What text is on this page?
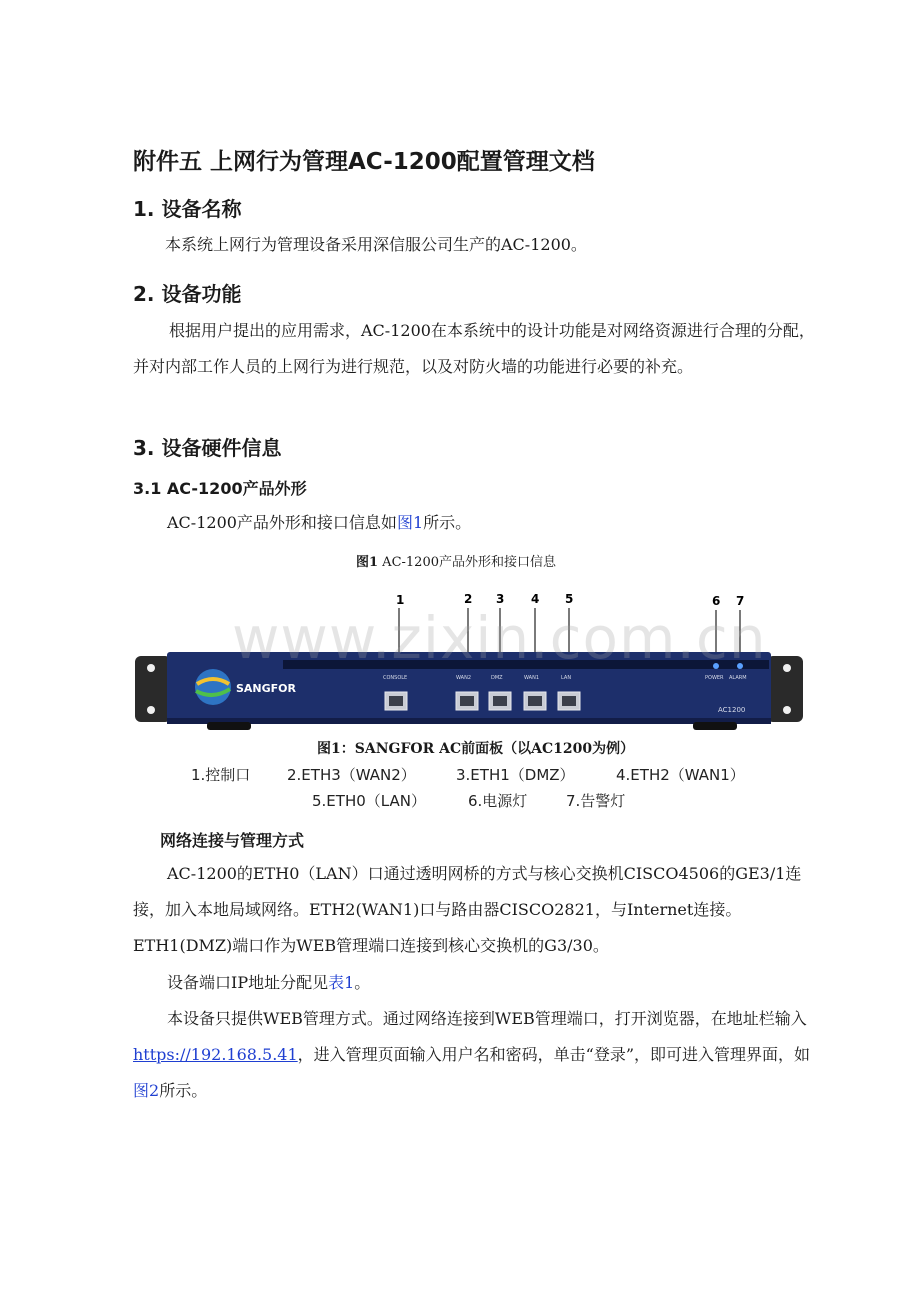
附件五 上网行为管理AC-1200配置管理文档
1. 设备名称
本系统上网行为管理设备采用深信服公司生产的AC-1200。
2. 设备功能
根据用户提出的应用需求，AC-1200在本系统中的设计功能是对网络资源进行合理的分配，并对内部工作人员的上网行为进行规范，以及对防火墙的功能进行必要的补充。
3. 设备硬件信息
3.1 AC-1200产品外形
AC-1200产品外形和接口信息如图1所示。
图1 AC-1200产品外形和接口信息
1	2 3 4 5	6 7
SANGFOR
CONSOLE	WAN2	DMZ	WAN1	LAN	POWER ALARM
AC1200
www.zixin.com.cn
图1：SANGFOR AC前面板（以AC1200为例）
1.控制口 2.ETH3（WAN2）	3.ETH1（DMZ）	4.ETH2（WAN1）
5.ETH0（LAN）	6.电源灯	7.告警灯
网络连接与管理方式
AC-1200的ETH0（LAN）口通过透明网桥的方式与核心交换机CISCO4506的GE3/1连接，加入本地局域网络。ETH2(WAN1)口与路由器CISCO2821，与Internet连接。ETH1(DMZ)端口作为WEB管理端口连接到核心交换机的G3/30。
设备端口IP地址分配见表1。
本设备只提供WEB管理方式。通过网络连接到WEB管理端口，打开浏览器，在地址栏输入https://192.168.5.41，进入管理页面输入用户名和密码，单击“登录”，即可进入管理界面，如图2所示。
